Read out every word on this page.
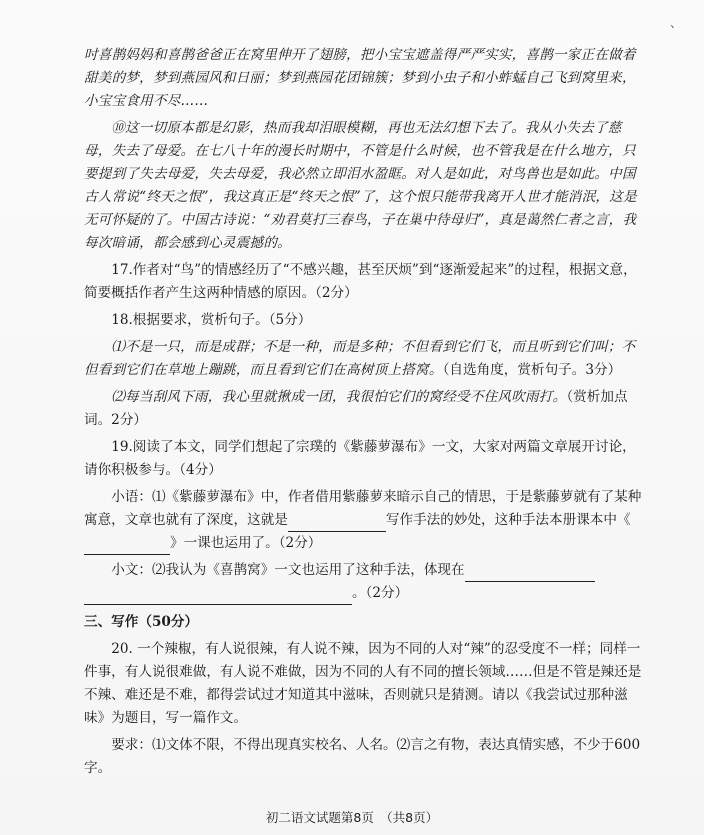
、

吋喜鹊妈妈和喜鹊爸爸正在窝里伸开了翅膀，把小宝宝遮盖得严严实实，喜鹊一家正在做着甜美的梦，梦到燕园风和日丽；梦到燕园花团锦簇；梦到小虫子和小蚱蜢自己飞到窝里来，小宝宝食用不尽……

⑩这一切原本都是幻影，热而我却泪眼模糊，再也无法幻想下去了。我从小失去了慈母，失去了母爱。在七八十年的漫长时期中，不管是什么时候，也不管我是在什么地方，只要提到了失去母爱，失去母爱，我必然立即泪水盈眶。对人是如此，对鸟兽也是如此。中国古人常说“终天之恨”，我这真正是“终天之恨”了，这个恨只能带我离开人世才能消泯，这是无可怀疑的了。中国古诗说：“劝君莫打三春鸟，子在巢中待母归”，真是蔼然仁者之言，我每次暗诵，都会感到心灵震撼的。

17.作者对“鸟”的情感经历了“不感兴趣，甚至厌烦”到“逐渐爱起来”的过程，根据文意，简要概括作者产生这两种情感的原因。（2分）

18.根据要求，赏析句子。（5分）

⑴不是一只，而是成群；不是一种，而是多种；不但看到它们飞，而且听到它们叫；不但看到它们在草地上蹦跳，而且看到它们在高树顶上搭窝。（自选角度，赏析句子。3分）

⑵每当刮风下雨，我心里就揪成一团，我很怕它们的窝经受不住风吹雨打。（赏析加点词。2分）

19.阅读了本文，同学们想起了宗璞的《紫藤萝瀑布》一文，大家对两篇文章展开讨论，请你积极参与。（4分）

小语：⑴《紫藤萝瀑布》中，作者借用紫藤萝来暗示自己的情思，于是紫藤萝就有了某种寓意，文章也就有了深度，这就是	写作手法的妙处，这种手法本册课本中《》一课也运用了。（2分）

小文：⑵我认为《喜鹊窝》一文也运用了这种手法，体现在
。（2分）

三、写作（50分）

20. 一个辣椒，有人说很辣，有人说不辣，因为不同的人对“辣”的忍受度不一样；同样一件事，有人说很难做，有人说不难做，因为不同的人有不同的擅长领域……但是不管是辣还是不辣、难还是不难，都得尝试过才知道其中滋味，否则就只是猜测。请以《我尝试过那种滋味》为题目，写一篇作文。

要求：⑴文体不限，不得出现真实校名、人名。⑵言之有物，表达真情实感，不少于600字。

初二语文试题第8页　（共8页）
